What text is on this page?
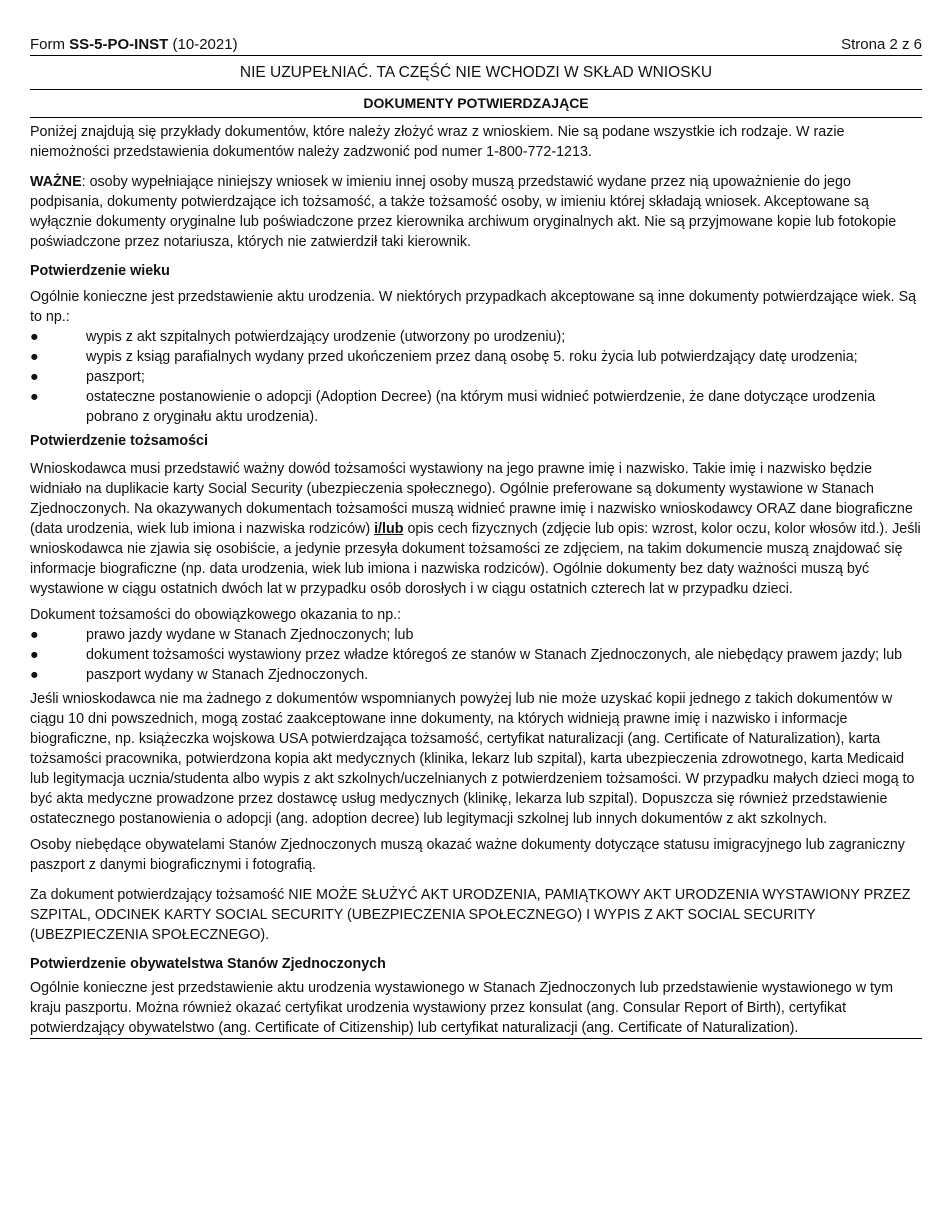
Form SS-5-PO-INST (10-2021)	Strona 2 z 6
NIE UZUPEŁNIAĆ. TA CZĘŚĆ NIE WCHODZI W SKŁAD WNIOSKU
DOKUMENTY POTWIERDZAJĄCE

Poniżej znajdują się przykłady dokumentów, które należy złożyć wraz z wnioskiem. Nie są podane wszystkie ich rodzaje. W razie niemożności przedstawienia dokumentów należy zadzwonić pod numer 1-800-772-1213.

WAŻNE: osoby wypełniające niniejszy wniosek w imieniu innej osoby muszą przedstawić wydane przez nią upoważnienie do jego podpisania, dokumenty potwierdzające ich tożsamość, a także tożsamość osoby, w imieniu której składają wniosek. Akceptowane są wyłącznie dokumenty oryginalne lub poświadczone przez kierownika archiwum oryginalnych akt. Nie są przyjmowane kopie lub fotokopie poświadczone przez notariusza, których nie zatwierdził taki kierownik.

Potwierdzenie wieku

Ogólnie konieczne jest przedstawienie aktu urodzenia. W niektórych przypadkach akceptowane są inne dokumenty potwierdzające wiek. Są to np.:

●	wypis z akt szpitalnych potwierdzający urodzenie (utworzony po urodzeniu);
●	wypis z ksiąg parafialnych wydany przed ukończeniem przez daną osobę 5. roku życia lub potwierdzający datę urodzenia;
●	paszport;
●	ostateczne postanowienie o adopcji (Adoption Decree) (na którym musi widnieć potwierdzenie, że dane dotyczące urodzenia pobrano z oryginału aktu urodzenia).
Potwierdzenie tożsamości

Wnioskodawca musi przedstawić ważny dowód tożsamości wystawiony na jego prawne imię i nazwisko. Takie imię i nazwisko będzie widniało na duplikacie karty Social Security (ubezpieczenia społecznego). Ogólnie preferowane są dokumenty wystawione w Stanach Zjednoczonych. Na okazywanych dokumentach tożsamości muszą widnieć prawne imię i nazwisko wnioskodawcy ORAZ dane biograficzne (data urodzenia, wiek lub imiona i nazwiska rodziców) i/lub opis cech fizycznych (zdjęcie lub opis: wzrost, kolor oczu, kolor włosów itd.). Jeśli wnioskodawca nie zjawia się osobiście, a jedynie przesyła dokument tożsamości ze zdjęciem, na takim dokumencie muszą znajdować się informacje biograficzne (np. data urodzenia, wiek lub imiona i nazwiska rodziców). Ogólnie dokumenty bez daty ważności muszą być wystawione w ciągu ostatnich dwóch lat w przypadku osób dorosłych i w ciągu ostatnich czterech lat w przypadku dzieci.

Dokument tożsamości do obowiązkowego okazania to np.:

●	prawo jazdy wydane w Stanach Zjednoczonych; lub
●	dokument tożsamości wystawiony przez władze któregoś ze stanów w Stanach Zjednoczonych, ale niebędący prawem jazdy; lub
●	paszport wydany w Stanach Zjednoczonych.

Jeśli wnioskodawca nie ma żadnego z dokumentów wspomnianych powyżej lub nie może uzyskać kopii jednego z takich dokumentów w ciągu 10 dni powszednich, mogą zostać zaakceptowane inne dokumenty, na których widnieją prawne imię i nazwisko i informacje biograficzne, np. książeczka wojskowa USA potwierdzająca tożsamość, certyfikat naturalizacji (ang. Certificate of Naturalization), karta tożsamości pracownika, potwierdzona kopia akt medycznych (klinika, lekarz lub szpital), karta ubezpieczenia zdrowotnego, karta Medicaid lub legitymacja ucznia/studenta albo wypis z akt szkolnych/uczelnianych z potwierdzeniem tożsamości. W przypadku małych dzieci mogą to być akta medyczne prowadzone przez dostawcę usług medycznych (klinikę, lekarza lub szpital). Dopuszcza się również przedstawienie ostatecznego postanowienia o adopcji (ang. adoption decree) lub legitymacji szkolnej lub innych dokumentów z akt szkolnych.

Osoby niebędące obywatelami Stanów Zjednoczonych muszą okazać ważne dokumenty dotyczące statusu imigracyjnego lub zagraniczny paszport z danymi biograficznymi i fotografią.

Za dokument potwierdzający tożsamość NIE MOŻE SŁUŻYĆ AKT URODZENIA, PAMIĄTKOWY AKT URODZENIA WYSTAWIONY PRZEZ SZPITAL, ODCINEK KARTY SOCIAL SECURITY (UBEZPIECZENIA SPOŁECZNEGO) I WYPIS Z AKT SOCIAL SECURITY (UBEZPIECZENIA SPOŁECZNEGO).

Potwierdzenie obywatelstwa Stanów Zjednoczonych

Ogólnie konieczne jest przedstawienie aktu urodzenia wystawionego w Stanach Zjednoczonych lub przedstawienie wystawionego w tym kraju paszportu. Można również okazać certyfikat urodzenia wystawiony przez konsulat (ang. Consular Report of Birth), certyfikat potwierdzający obywatelstwo (ang. Certificate of Citizenship) lub certyfikat naturalizacji (ang. Certificate of Naturalization).
